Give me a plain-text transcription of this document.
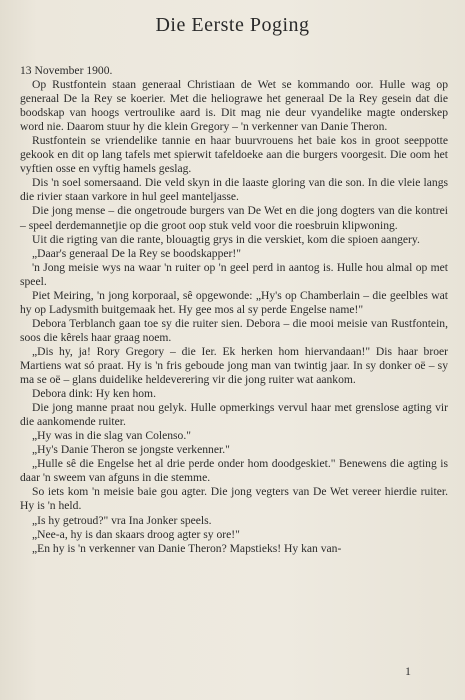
Die Eerste Poging

13 November 1900.

Op Rustfontein staan generaal Christiaan de Wet se kommando oor. Hulle wag op generaal De la Rey se koerier. Met die heliograwe het generaal De la Rey gesein dat die boodskap van hoogs vertroulike aard is. Dit mag nie deur vyandelike magte onderskep word nie. Daarom stuur hy die klein Gregory – 'n verkenner van Danie Theron.

Rustfontein se vriendelike tannie en haar buurvrouens het baie kos in groot seeppotte gekook en dit op lang tafels met spierwit tafeldoeke aan die burgers voorgesit. Die oom het vyftien osse en vyftig hamels geslag.

Dis 'n soel somersaand. Die veld skyn in die laaste gloring van die son. In die vleie langs die rivier staan varkore in hul geel manteljasse.

Die jong mense – die ongetroude burgers van De Wet en die jong dogters van die kontrei – speel derdemannetjie op die groot oop stuk veld voor die roesbruin klipwoning.

Uit die rigting van die rante, blouagtig grys in die verskiet, kom die spioen aangery.

„Daar's generaal De la Rey se boodskapper!"

'n Jong meisie wys na waar 'n ruiter op 'n geel perd in aantog is. Hulle hou almal op met speel.

Piet Meiring, 'n jong korporaal, sê opgewonde: „Hy's op Chamberlain – die geelbles wat hy op Ladysmith buitgemaak het. Hy gee mos al sy perde Engelse name!"

Debora Terblanch gaan toe sy die ruiter sien. Debora – die mooi meisie van Rustfontein, soos die kêrels haar graag noem.

„Dis hy, ja! Rory Gregory – die Ier. Ek herken hom hiervandaan!" Dis haar broer Martiens wat só praat. Hy is 'n fris geboude jong man van twintig jaar. In sy donker oë – sy ma se oë – glans duidelike heldeverering vir die jong ruiter wat aankom.

Debora dink: Hy ken hom.

Die jong manne praat nou gelyk. Hulle opmerkings vervul haar met grenslose agting vir die aankomende ruiter.

„Hy was in die slag van Colenso."

„Hy's Danie Theron se jongste verkenner."

„Hulle sê die Engelse het al drie perde onder hom doodgeskiet." Benewens die agting is daar 'n sweem van afguns in die stemme.

So iets kom 'n meisie baie gou agter. Die jong vegters van De Wet vereer hierdie ruiter. Hy is 'n held.

„Is hy getroud?" vra Ina Jonker speels.

„Nee-a, hy is dan skaars droog agter sy ore!"

„En hy is 'n verkenner van Danie Theron? Mapstieks! Hy kan van-

1
